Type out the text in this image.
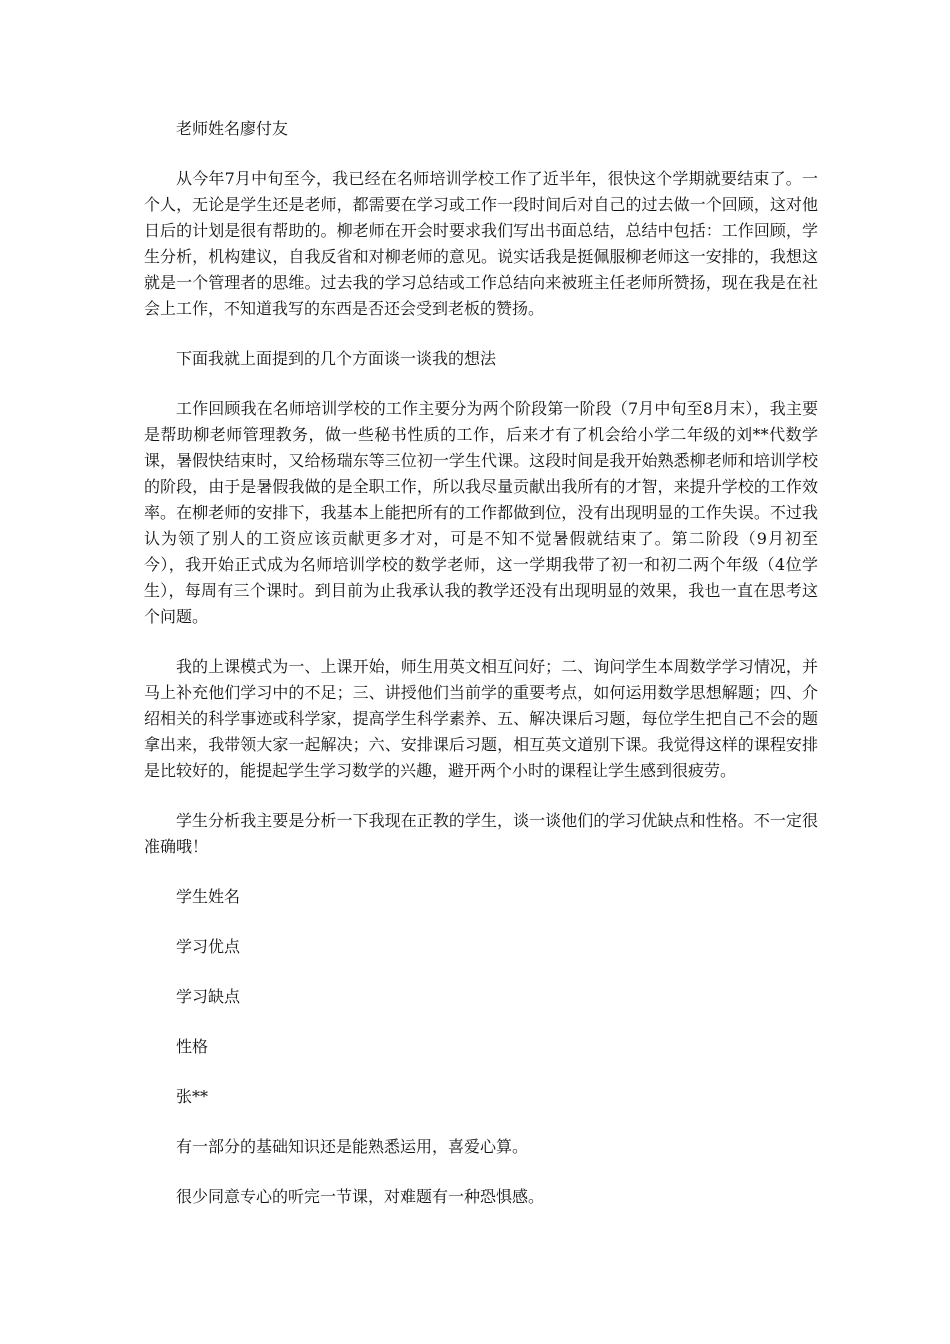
老师姓名廖付友

从今年7月中旬至今，我已经在名师培训学校工作了近半年，很快这个学期就要结束了。一个人，无论是学生还是老师，都需要在学习或工作一段时间后对自己的过去做一个回顾，这对他日后的计划是很有帮助的。柳老师在开会时要求我们写出书面总结，总结中包括：工作回顾，学生分析，机构建议，自我反省和对柳老师的意见。说实话我是挺佩服柳老师这一安排的，我想这就是一个管理者的思维。过去我的学习总结或工作总结向来被班主任老师所赞扬，现在我是在社会上工作，不知道我写的东西是否还会受到老板的赞扬。

下面我就上面提到的几个方面谈一谈我的想法

工作回顾我在名师培训学校的工作主要分为两个阶段第一阶段（7月中旬至8月末），我主要是帮助柳老师管理教务，做一些秘书性质的工作，后来才有了机会给小学二年级的刘**代数学课，暑假快结束时，又给杨瑞东等三位初一学生代课。这段时间是我开始熟悉柳老师和培训学校的阶段，由于是暑假我做的是全职工作，所以我尽量贡献出我所有的才智，来提升学校的工作效率。在柳老师的安排下，我基本上能把所有的工作都做到位，没有出现明显的工作失误。不过我认为领了别人的工资应该贡献更多才对，可是不知不觉暑假就结束了。第二阶段（9月初至今），我开始正式成为名师培训学校的数学老师，这一学期我带了初一和初二两个年级（4位学生），每周有三个课时。到目前为止我承认我的教学还没有出现明显的效果，我也一直在思考这个问题。

我的上课模式为一、上课开始，师生用英文相互问好；二、询问学生本周数学学习情况，并马上补充他们学习中的不足；三、讲授他们当前学的重要考点，如何运用数学思想解题；四、介绍相关的科学事迹或科学家，提高学生科学素养、五、解决课后习题，每位学生把自己不会的题拿出来，我带领大家一起解决；六、安排课后习题，相互英文道别下课。我觉得这样的课程安排是比较好的，能提起学生学习数学的兴趣，避开两个小时的课程让学生感到很疲劳。

学生分析我主要是分析一下我现在正教的学生，谈一谈他们的学习优缺点和性格。不一定很准确哦！

学生姓名

学习优点

学习缺点

性格

张**

有一部分的基础知识还是能熟悉运用，喜爱心算。

很少同意专心的听完一节课，对难题有一种恐惧感。
